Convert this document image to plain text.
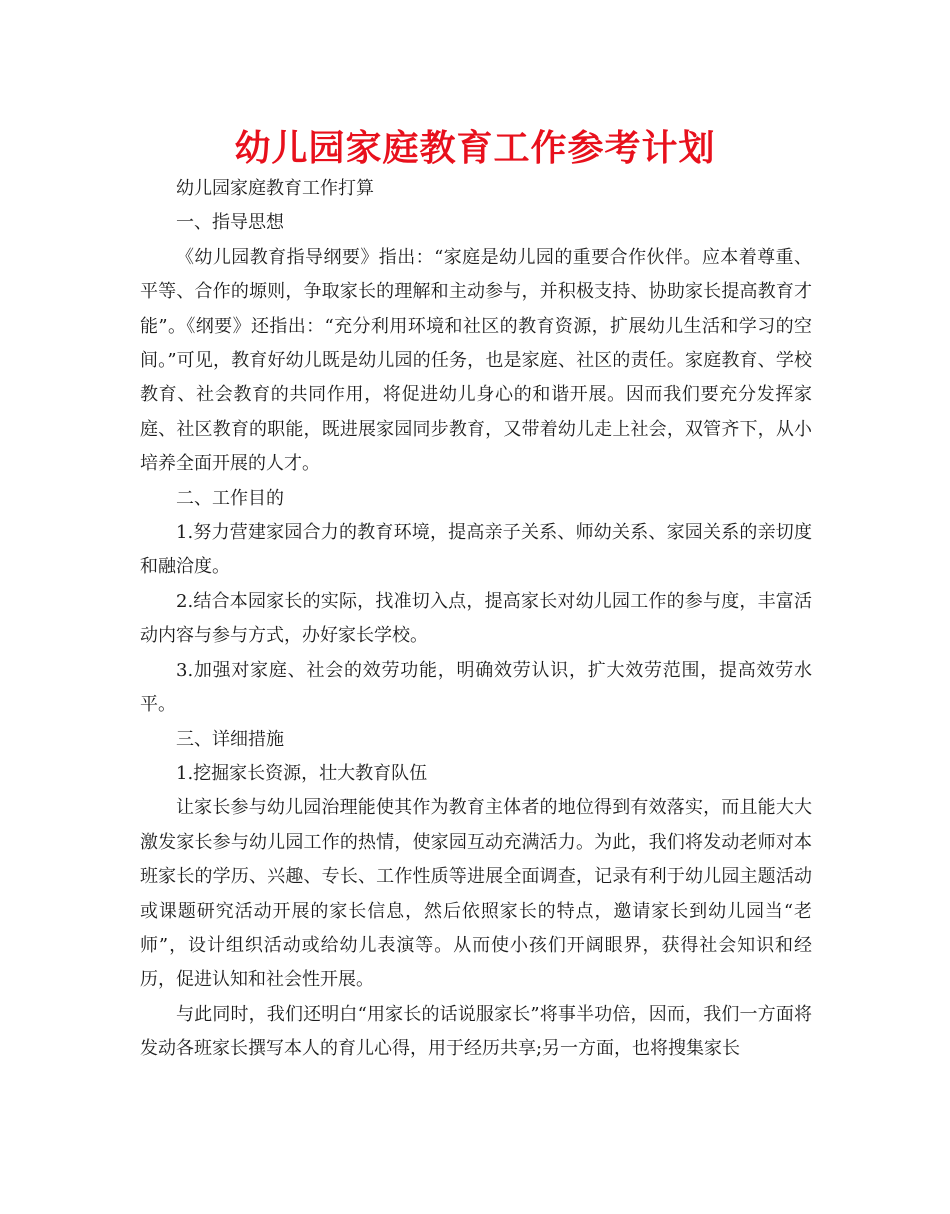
幼儿园家庭教育工作参考计划

幼儿园家庭教育工作打算

一、指导思想

《幼儿园教育指导纲要》指出：“家庭是幼儿园的重要合作伙伴。应本着尊重、平等、合作的塬则，争取家长的理解和主动参与，并积极支持、协助家长提高教育才能”。《纲要》还指出：“充分利用环境和社区的教育资源，扩展幼儿生活和学习的空间。”可见，教育好幼儿既是幼儿园的任务，也是家庭、社区的责任。家庭教育、学校教育、社会教育的共同作用，将促进幼儿身心的和谐开展。因而我们要充分发挥家庭、社区教育的职能，既进展家园同步教育，又带着幼儿走上社会，双管齐下，从小培养全面开展的人才。

二、工作目的

1.努力营建家园合力的教育环境，提高亲子关系、师幼关系、家园关系的亲切度和融洽度。

2.结合本园家长的实际，找准切入点，提高家长对幼儿园工作的参与度，丰富活动内容与参与方式，办好家长学校。

3.加强对家庭、社会的效劳功能，明确效劳认识，扩大效劳范围，提高效劳水平。

三、详细措施

1.挖掘家长资源，壮大教育队伍

让家长参与幼儿园治理能使其作为教育主体者的地位得到有效落实，而且能大大激发家长参与幼儿园工作的热情，使家园互动充满活力。为此，我们将发动老师对本班家长的学历、兴趣、专长、工作性质等进展全面调查，记录有利于幼儿园主题活动或课题研究活动开展的家长信息，然后依照家长的特点，邀请家长到幼儿园当“老师”，设计组织活动或给幼儿表演等。从而使小孩们开阔眼界，获得社会知识和经历，促进认知和社会性开展。

与此同时，我们还明白“用家长的话说服家长”将事半功倍，因而，我们一方面将发动各班家长撰写本人的育儿心得，用于经历共享;另一方面，也将搜集家长
